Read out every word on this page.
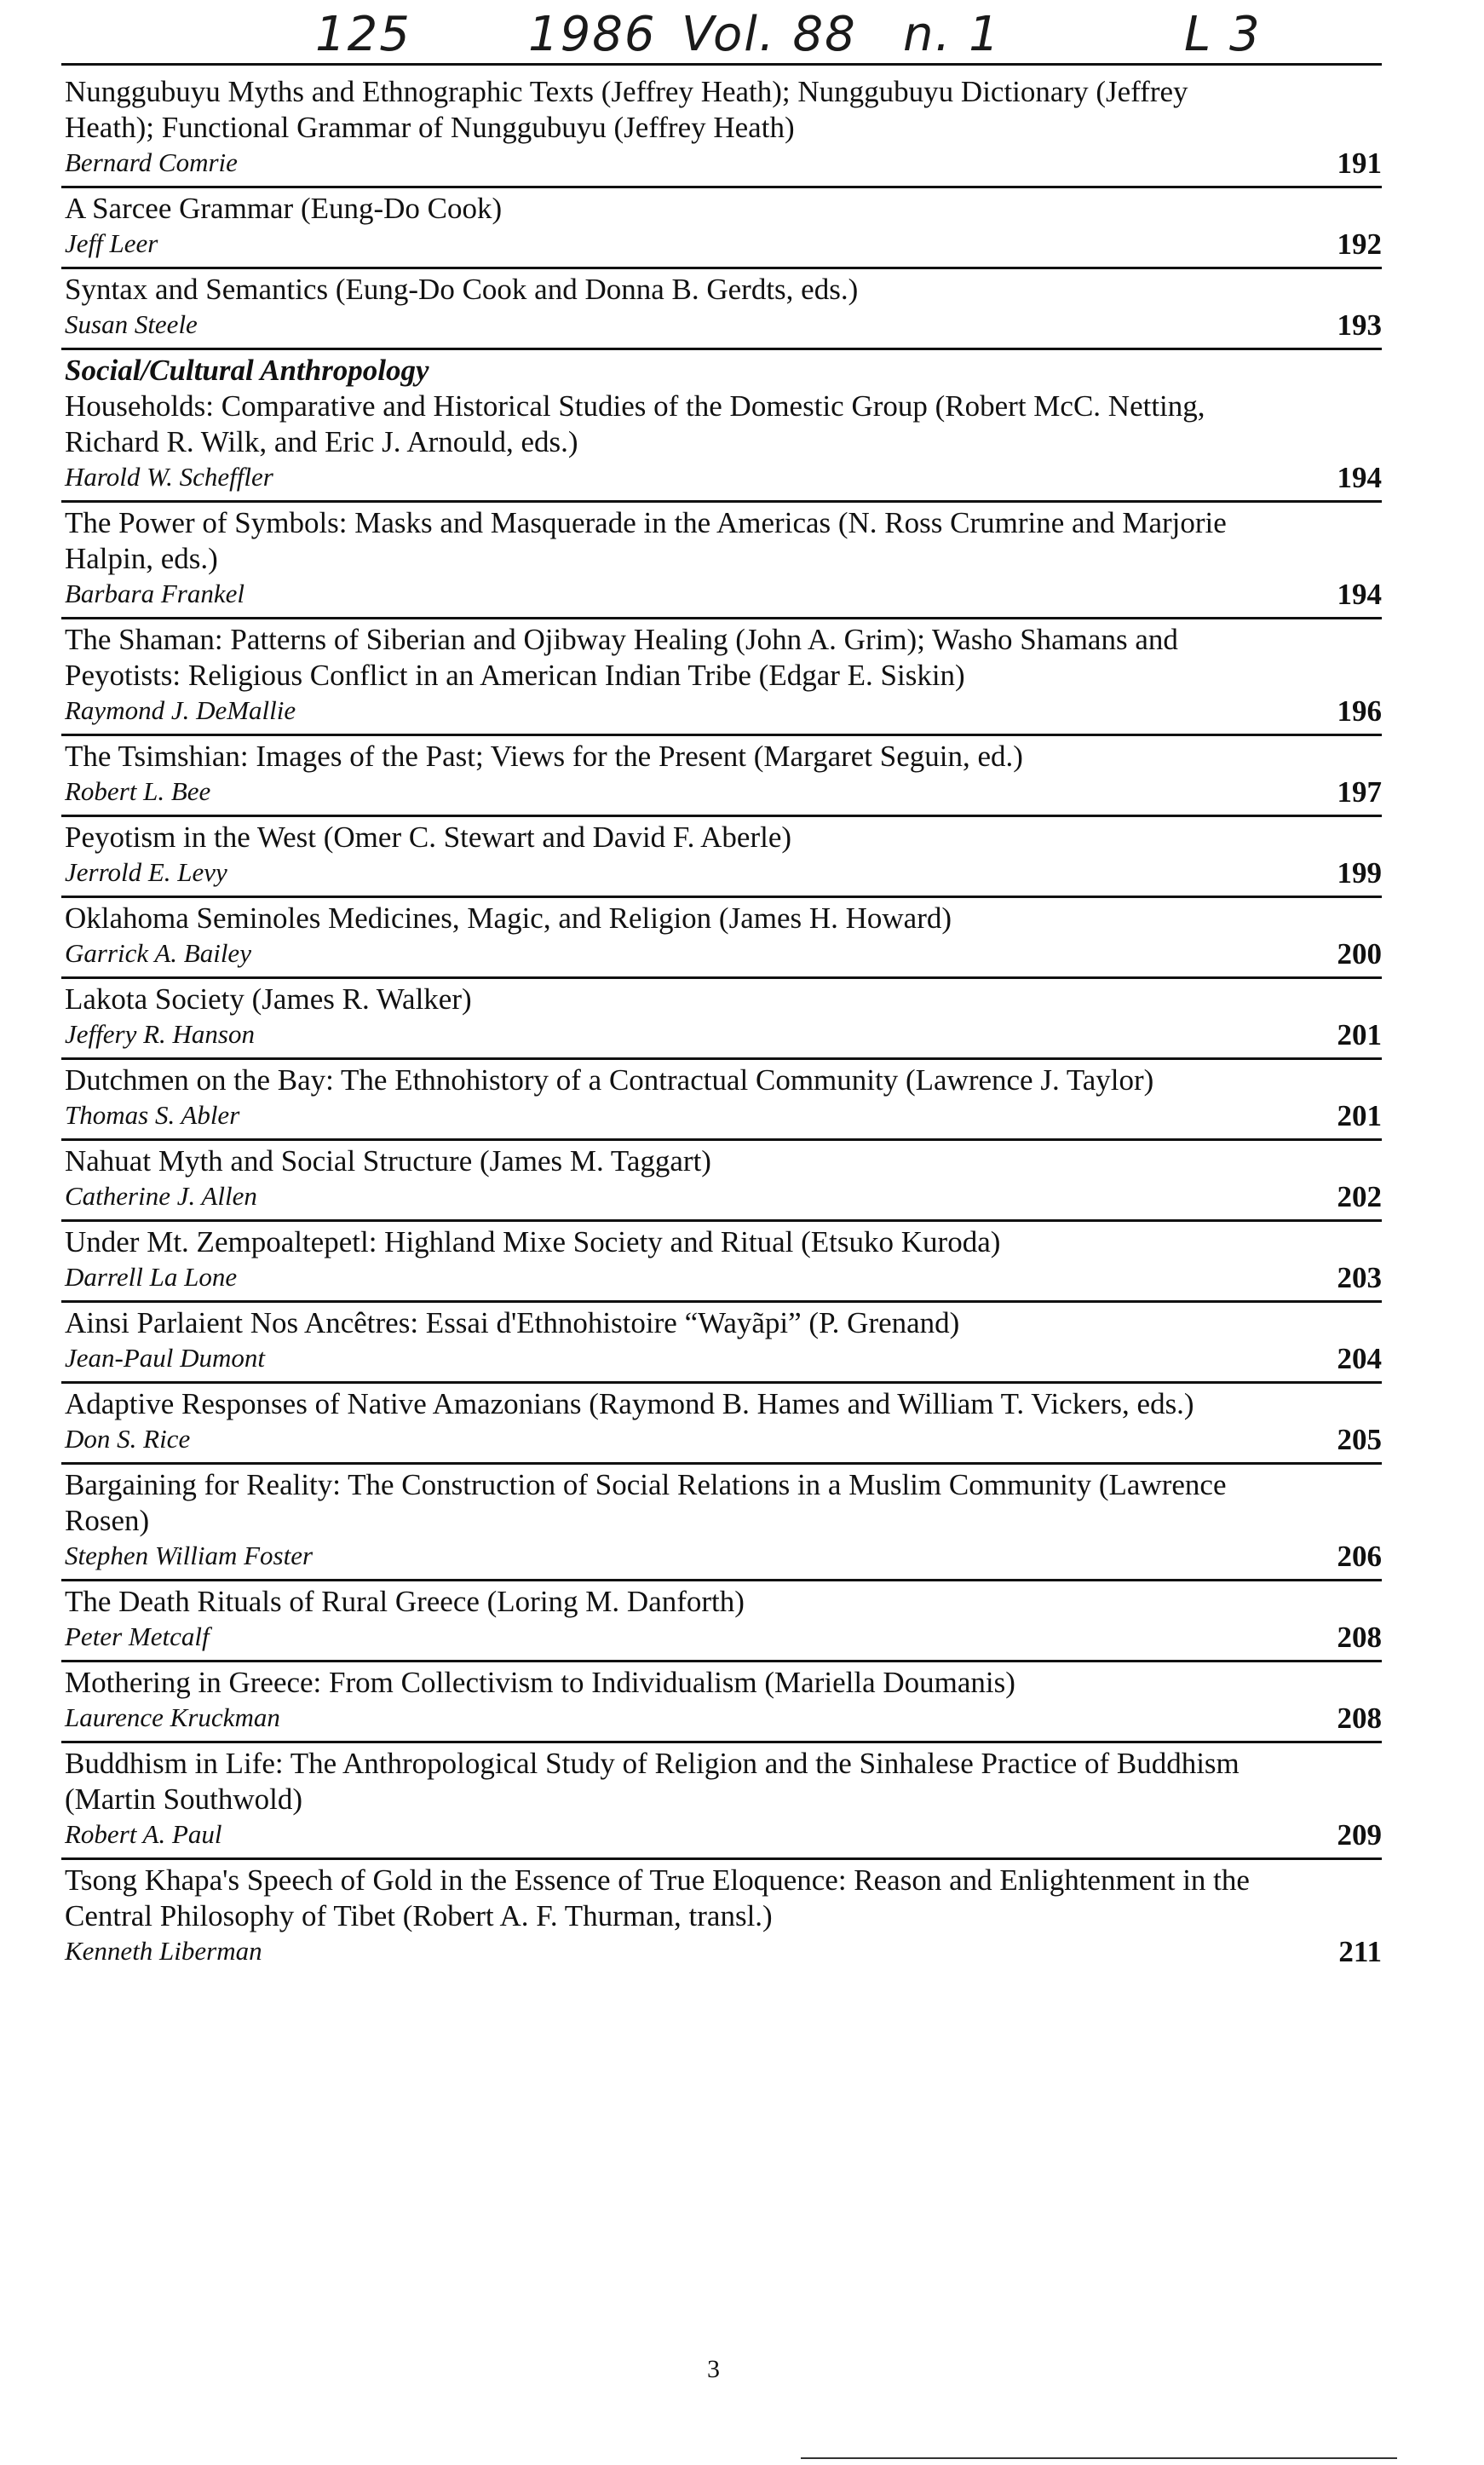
125 1986 Vol. 88 n. 1	L 3
Nunggubuyu Myths and Ethnographic Texts (Jeffrey Heath); Nunggubuyu Dictionary (Jeffrey Heath); Functional Grammar of Nunggubuyu (Jeffrey Heath)
Bernard Comrie	191
A Sarcee Grammar (Eung-Do Cook)
Jeff Leer	192
Syntax and Semantics (Eung-Do Cook and Donna B. Gerdts, eds.)
Susan Steele	193
Social/Cultural Anthropology
Households: Comparative and Historical Studies of the Domestic Group (Robert McC. Netting, Richard R. Wilk, and Eric J. Arnould, eds.)
Harold W. Scheffler	194
The Power of Symbols: Masks and Masquerade in the Americas (N. Ross Crumrine and Marjorie Halpin, eds.)
Barbara Frankel	194
The Shaman: Patterns of Siberian and Ojibway Healing (John A. Grim); Washo Shamans and Peyotists: Religious Conflict in an American Indian Tribe (Edgar E. Siskin)
Raymond J. DeMallie	196
The Tsimshian: Images of the Past; Views for the Present (Margaret Seguin, ed.)
Robert L. Bee	197
Peyotism in the West (Omer C. Stewart and David F. Aberle)
Jerrold E. Levy	199
Oklahoma Seminoles Medicines, Magic, and Religion (James H. Howard)
Garrick A. Bailey	200
Lakota Society (James R. Walker)
Jeffery R. Hanson	201
Dutchmen on the Bay: The Ethnohistory of a Contractual Community (Lawrence J. Taylor)
Thomas S. Abler	201
Nahuat Myth and Social Structure (James M. Taggart)
Catherine J. Allen	202
Under Mt. Zempoaltepetl: Highland Mixe Society and Ritual (Etsuko Kuroda)
Darrell La Lone	203
Ainsi Parlaient Nos Ancêtres: Essai d'Ethnohistoire “Wayãpi” (P. Grenand)
Jean-Paul Dumont	204
Adaptive Responses of Native Amazonians (Raymond B. Hames and William T. Vickers, eds.)
Don S. Rice	205
Bargaining for Reality: The Construction of Social Relations in a Muslim Community (Lawrence Rosen)
Stephen William Foster	206
The Death Rituals of Rural Greece (Loring M. Danforth)
Peter Metcalf	208
Mothering in Greece: From Collectivism to Individualism (Mariella Doumanis)
Laurence Kruckman	208
Buddhism in Life: The Anthropological Study of Religion and the Sinhalese Practice of Buddhism (Martin Southwold)
Robert A. Paul	209
Tsong Khapa's Speech of Gold in the Essence of True Eloquence: Reason and Enlightenment in the Central Philosophy of Tibet (Robert A. F. Thurman, transl.)
Kenneth Liberman	211
3
